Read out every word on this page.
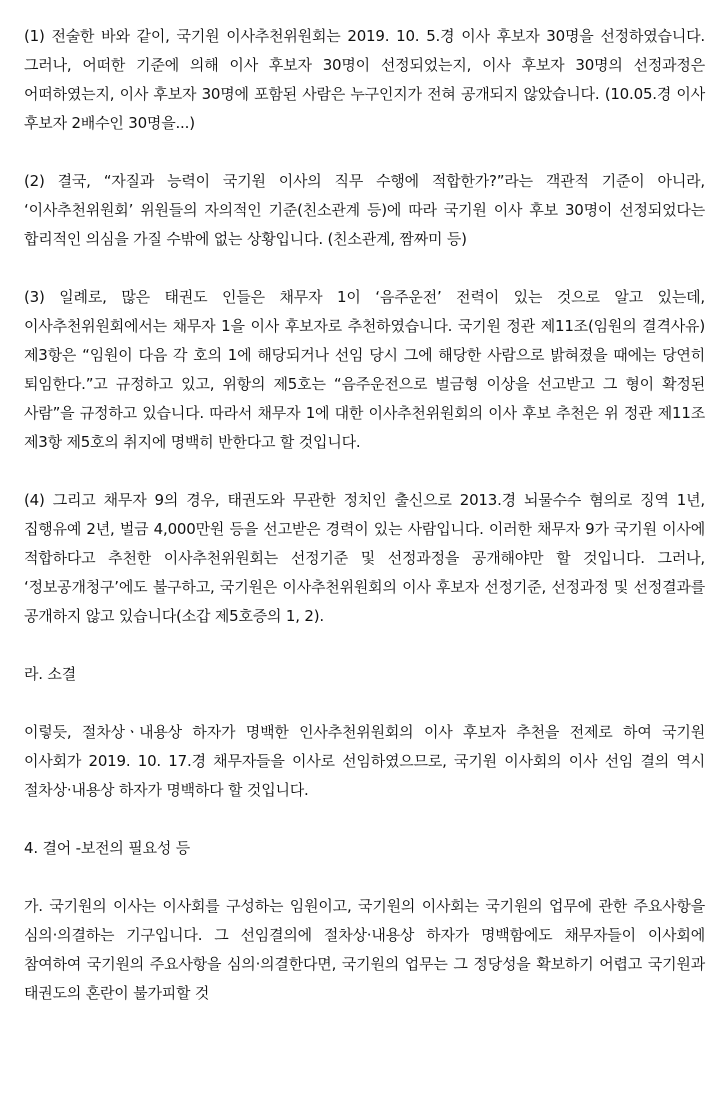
(1) 전술한 바와 같이, 국기원 이사추천위원회는 2019. 10. 5.경 이사 후보자 30명을 선정하였습니다. 그러나, 어떠한 기준에 의해 이사 후보자 30명이 선정되었는지, 이사 후보자 30명의 선정과정은 어떠하였는지, 이사 후보자 30명에 포함된 사람은 누구인지가 전혀 공개되지 않았습니다. (10.05.경 이사 후보자 2배수인 30명을...)

(2) 결국, “자질과 능력이 국기원 이사의 직무 수행에 적합한가?”라는 객관적 기준이 아니라, ‘이사추천위원회’ 위원들의 자의적인 기준(친소관계 등)에 따라 국기원 이사 후보 30명이 선정되었다는 합리적인 의심을 가질 수밖에 없는 상황입니다. (친소관계, 짬짜미 등)

(3) 일례로, 많은 태권도 인들은 채무자 1이 ‘음주운전’ 전력이 있는 것으로 알고 있는데, 이사추천위원회에서는 채무자 1을 이사 후보자로 추천하였습니다. 국기원 정관 제11조(임원의 결격사유) 제3항은 “임원이 다음 각 호의 1에 해당되거나 선임 당시 그에 해당한 사람으로 밝혀졌을 때에는 당연히 퇴임한다.”고 규정하고 있고, 위항의 제5호는 “음주운전으로 벌금형 이상을 선고받고 그 형이 확정된 사람”을 규정하고 있습니다. 따라서 채무자 1에 대한 이사추천위원회의 이사 후보 추천은 위 정관 제11조 제3항 제5호의 취지에 명백히 반한다고 할 것입니다.

(4) 그리고 채무자 9의 경우, 태권도와 무관한 정치인 출신으로 2013.경 뇌물수수 혐의로 징역 1년, 집행유예 2년, 벌금 4,000만원 등을 선고받은 경력이 있는 사람입니다. 이러한 채무자 9가 국기원 이사에 적합하다고 추천한 이사추천위원회는 선정기준 및 선정과정을 공개해야만 할 것입니다. 그러나, ‘정보공개청구’에도 불구하고, 국기원은 이사추천위원회의 이사 후보자 선정기준, 선정과정 및 선정결과를 공개하지 않고 있습니다(소갑 제5호증의 1, 2).

라. 소결

이렇듯, 절차상ㆍ내용상 하자가 명백한 인사추천위원회의 이사 후보자 추천을 전제로 하여 국기원 이사회가 2019. 10. 17.경 채무자들을 이사로 선임하였으므로, 국기원 이사회의 이사 선임 결의 역시 절차상·내용상 하자가 명백하다 할 것입니다.

4. 결어 -보전의 필요성 등

가. 국기원의 이사는 이사회를 구성하는 임원이고, 국기원의 이사회는 국기원의 업무에 관한 주요사항을 심의·의결하는 기구입니다. 그 선임결의에 절차상·내용상 하자가 명백함에도 채무자들이 이사회에 참여하여 국기원의 주요사항을 심의·의결한다면, 국기원의 업무는 그 정당성을 확보하기 어렵고 국기원과 태권도의 혼란이 불가피할 것
